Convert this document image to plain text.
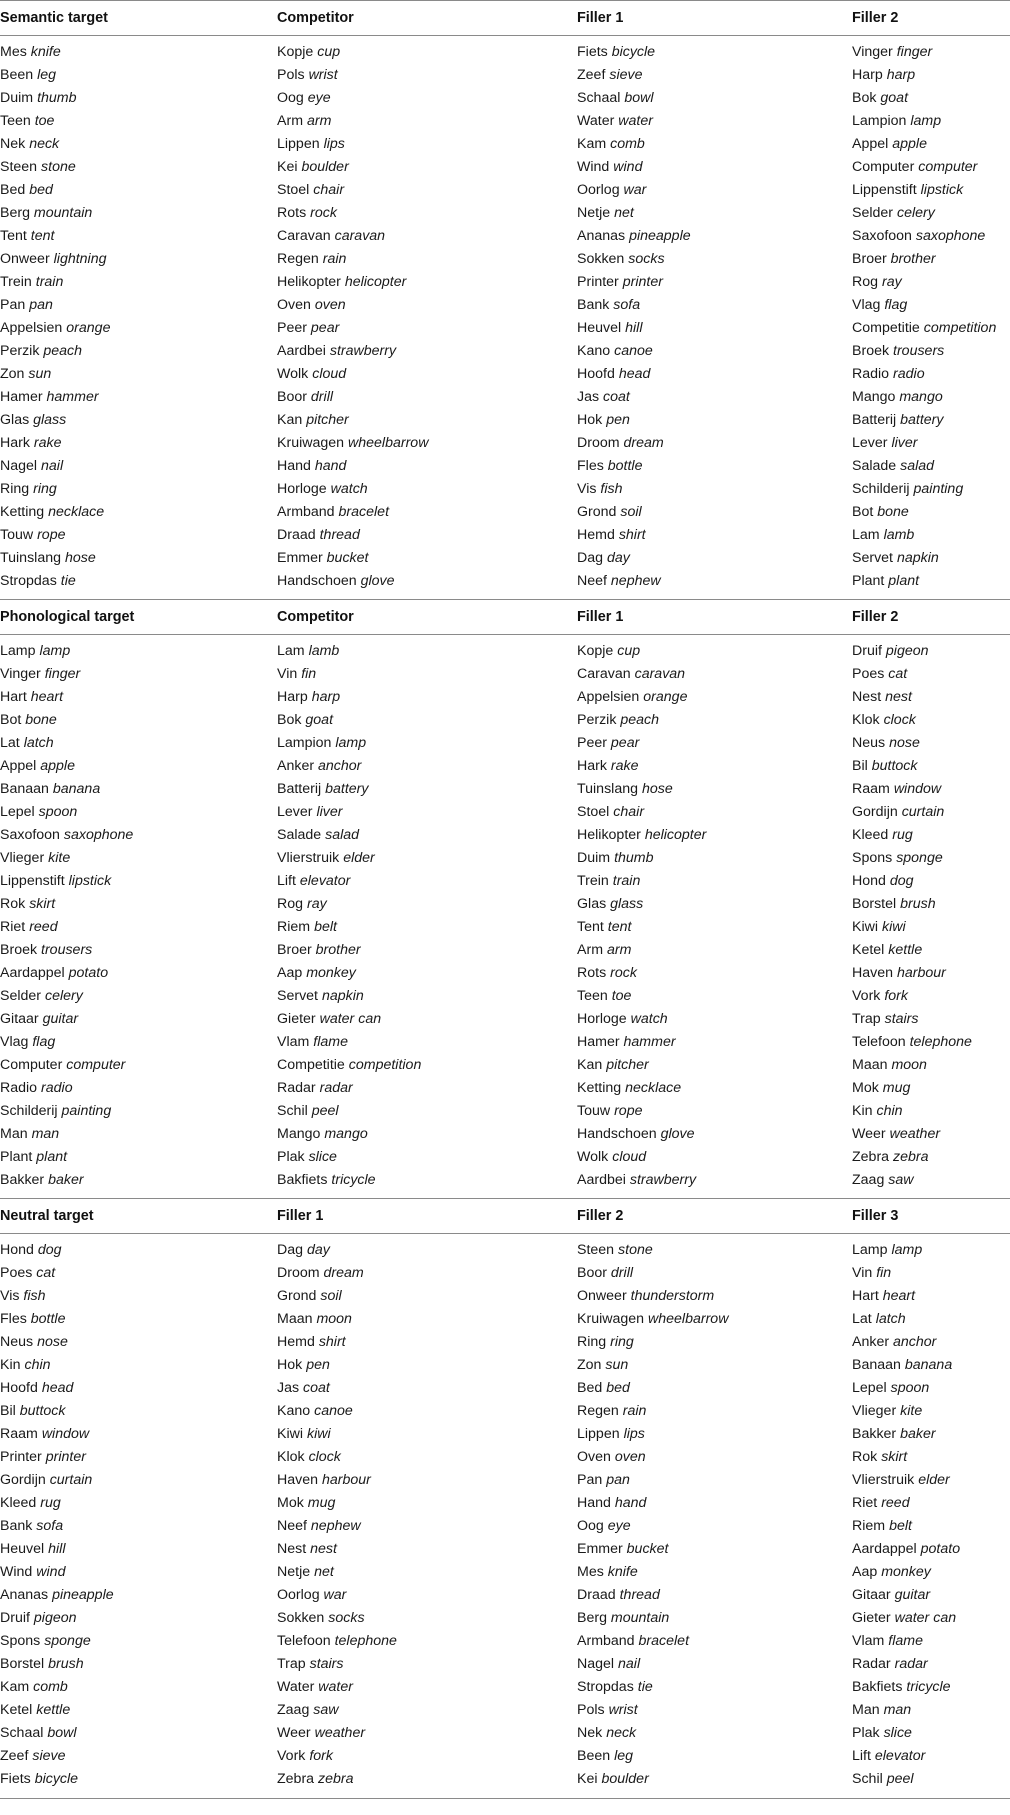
Semantic target	Competitor	Filler 1	Filler 2

Mes knife	Kopje cup	Fiets bicycle	Vinger finger
Been leg	Pols wrist	Zeef sieve	Harp harp
Duim thumb	Oog eye	Schaal bowl	Bok goat
Teen toe	Arm arm	Water water	Lampion lamp
Nek neck	Lippen lips	Kam comb	Appel apple
Steen stone	Kei boulder	Wind wind	Computer computer
Bed bed	Stoel chair	Oorlog war	Lippenstift lipstick
Berg mountain	Rots rock	Netje net	Selder celery
Tent tent	Caravan caravan	Ananas pineapple	Saxofoon saxophone
Onweer lightning	Regen rain	Sokken socks	Broer brother
Trein train	Helikopter helicopter	Printer printer	Rog ray
Pan pan	Oven oven	Bank sofa	Vlag flag
Appelsien orange	Peer pear	Heuvel hill	Competitie competition
Perzik peach	Aardbei strawberry	Kano canoe	Broek trousers
Zon sun	Wolk cloud	Hoofd head	Radio radio
Hamer hammer	Boor drill	Jas coat	Mango mango
Glas glass	Kan pitcher	Hok pen	Batterij battery
Hark rake	Kruiwagen wheelbarrow	Droom dream	Lever liver
Nagel nail	Hand hand	Fles bottle	Salade salad
Ring ring	Horloge watch	Vis fish	Schilderij painting
Ketting necklace	Armband bracelet	Grond soil	Bot bone
Touw rope	Draad thread	Hemd shirt	Lam lamb
Tuinslang hose	Emmer bucket	Dag day	Servet napkin
Stropdas tie	Handschoen glove	Neef nephew	Plant plant

Phonological target	Competitor	Filler 1	Filler 2

Lamp lamp	Lam lamb	Kopje cup	Druif pigeon
Vinger finger	Vin fin	Caravan caravan	Poes cat
Hart heart	Harp harp	Appelsien orange	Nest nest
Bot bone	Bok goat	Perzik peach	Klok clock
Lat latch	Lampion lamp	Peer pear	Neus nose
Appel apple	Anker anchor	Hark rake	Bil buttock
Banaan banana	Batterij battery	Tuinslang hose	Raam window
Lepel spoon	Lever liver	Stoel chair	Gordijn curtain
Saxofoon saxophone	Salade salad	Helikopter helicopter	Kleed rug
Vlieger kite	Vlierstruik elder	Duim thumb	Spons sponge
Lippenstift lipstick	Lift elevator	Trein train	Hond dog
Rok skirt	Rog ray	Glas glass	Borstel brush
Riet reed	Riem belt	Tent tent	Kiwi kiwi
Broek trousers	Broer brother	Arm arm	Ketel kettle
Aardappel potato	Aap monkey	Rots rock	Haven harbour
Selder celery	Servet napkin	Teen toe	Vork fork
Gitaar guitar	Gieter water can	Horloge watch	Trap stairs
Vlag flag	Vlam flame	Hamer hammer	Telefoon telephone
Computer computer	Competitie competition	Kan pitcher	Maan moon
Radio radio	Radar radar	Ketting necklace	Mok mug
Schilderij painting	Schil peel	Touw rope	Kin chin
Man man	Mango mango	Handschoen glove	Weer weather
Plant plant	Plak slice	Wolk cloud	Zebra zebra
Bakker baker	Bakfiets tricycle	Aardbei strawberry	Zaag saw

Neutral target	Filler 1	Filler 2	Filler 3

Hond dog	Dag day	Steen stone	Lamp lamp
Poes cat	Droom dream	Boor drill	Vin fin
Vis fish	Grond soil	Onweer thunderstorm	Hart heart
Fles bottle	Maan moon	Kruiwagen wheelbarrow	Lat latch
Neus nose	Hemd shirt	Ring ring	Anker anchor
Kin chin	Hok pen	Zon sun	Banaan banana
Hoofd head	Jas coat	Bed bed	Lepel spoon
Bil buttock	Kano canoe	Regen rain	Vlieger kite
Raam window	Kiwi kiwi	Lippen lips	Bakker baker
Printer printer	Klok clock	Oven oven	Rok skirt
Gordijn curtain	Haven harbour	Pan pan	Vlierstruik elder
Kleed rug	Mok mug	Hand hand	Riet reed
Bank sofa	Neef nephew	Oog eye	Riem belt
Heuvel hill	Nest nest	Emmer bucket	Aardappel potato
Wind wind	Netje net	Mes knife	Aap monkey
Ananas pineapple	Oorlog war	Draad thread	Gitaar guitar
Druif pigeon	Sokken socks	Berg mountain	Gieter water can
Spons sponge	Telefoon telephone	Armband bracelet	Vlam flame
Borstel brush	Trap stairs	Nagel nail	Radar radar
Kam comb	Water water	Stropdas tie	Bakfiets tricycle
Ketel kettle	Zaag saw	Pols wrist	Man man
Schaal bowl	Weer weather	Nek neck	Plak slice
Zeef sieve	Vork fork	Been leg	Lift elevator
Fiets bicycle	Zebra zebra	Kei boulder	Schil peel
